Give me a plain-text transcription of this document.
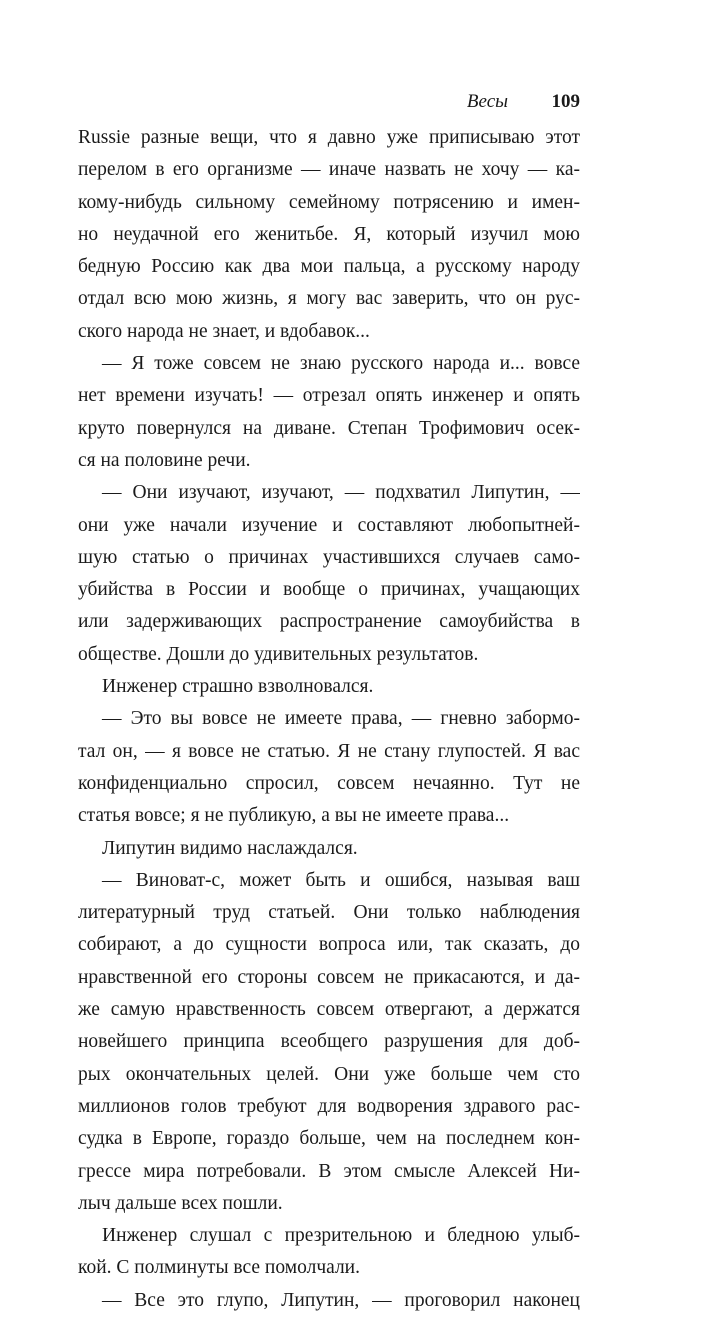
Весы 109
Russie разные вещи, что я давно уже приписываю этот
перелом в его организме — иначе назвать не хочу — ка-
кому-нибудь сильному семейному потрясению и имен-
но неудачной его женитьбе. Я, который изучил мою
бедную Россию как два мои пальца, а русскому народу
отдал всю мою жизнь, я могу вас заверить, что он рус-
ского народа не знает, и вдобавок...
— Я тоже совсем не знаю русского народа и... вовсе
нет времени изучать! — отрезал опять инженер и опять
круто повернулся на диване. Степан Трофимович осек-
ся на половине речи.
— Они изучают, изучают, — подхватил Липутин, —
они уже начали изучение и составляют любопытней-
шую статью о причинах участившихся случаев само-
убийства в России и вообще о причинах, учащающих
или задерживающих распространение самоубийства в
обществе. Дошли до удивительных результатов.
Инженер страшно взволновался.
— Это вы вовсе не имеете права, — гневно забормо-
тал он, — я вовсе не статью. Я не стану глупостей. Я вас
конфиденциально спросил, совсем нечаянно. Тут не
статья вовсе; я не публикую, а вы не имеете права...
Липутин видимо наслаждался.
— Виноват-с, может быть и ошибся, называя ваш
литературный труд статьей. Они только наблюдения
собирают, а до сущности вопроса или, так сказать, до
нравственной его стороны совсем не прикасаются, и да-
же самую нравственность совсем отвергают, а держатся
новейшего принципа всеобщего разрушения для доб-
рых окончательных целей. Они уже больше чем сто
миллионов голов требуют для водворения здравого рас-
судка в Европе, гораздо больше, чем на последнем кон-
грессе мира потребовали. В этом смысле Алексей Ни-
лыч дальше всех пошли.
Инженер слушал с презрительною и бледною улыб-
кой. С полминуты все помолчали.
— Все это глупо, Липутин, — проговорил наконец
